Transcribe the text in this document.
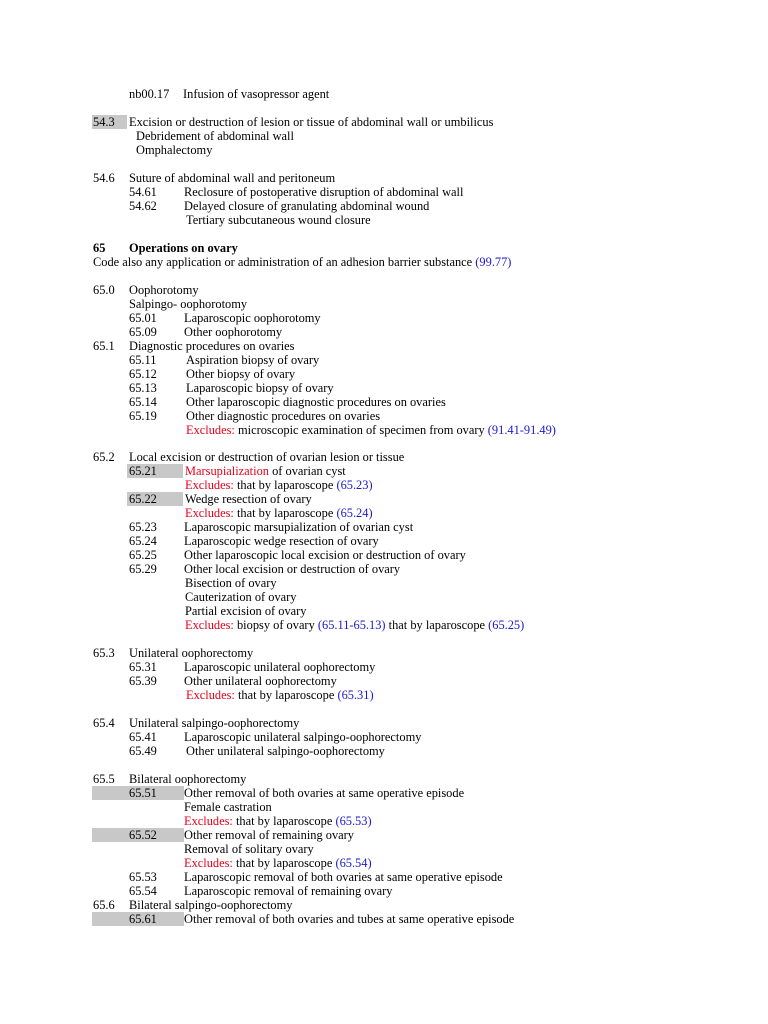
nb00.17 Infusion of vasopressor agent
54.3 Excision or destruction of lesion or tissue of abdominal wall or umbilicus
Debridement of abdominal wall
Omphalectomy
54.6 Suture of abdominal wall and peritoneum
54.61 Reclosure of postoperative disruption of abdominal wall
54.62 Delayed closure of granulating abdominal wound
Tertiary subcutaneous wound closure
65 Operations on ovary
Code also any application or administration of an adhesion barrier substance (99.77)
65.0 Oophorotomy
Salpingo- oophorotomy
65.01 Laparoscopic oophorotomy
65.09 Other oophorotomy
65.1 Diagnostic procedures on ovaries
65.11 Aspiration biopsy of ovary
65.12 Other biopsy of ovary
65.13 Laparoscopic biopsy of ovary
65.14 Other laparoscopic diagnostic procedures on ovaries
65.19 Other diagnostic procedures on ovaries
Excludes: microscopic examination of specimen from ovary (91.41-91.49)
65.2 Local excision or destruction of ovarian lesion or tissue
65.21 Marsupialization of ovarian cyst
Excludes: that by laparoscope (65.23)
65.22 Wedge resection of ovary
Excludes: that by laparoscope (65.24)
65.23 Laparoscopic marsupialization of ovarian cyst
65.24 Laparoscopic wedge resection of ovary
65.25 Other laparoscopic local excision or destruction of ovary
65.29 Other local excision or destruction of ovary
Bisection of ovary
Cauterization of ovary
Partial excision of ovary
Excludes: biopsy of ovary (65.11-65.13) that by laparoscope (65.25)
65.3 Unilateral oophorectomy
65.31 Laparoscopic unilateral oophorectomy
65.39 Other unilateral oophorectomy
Excludes: that by laparoscope (65.31)
65.4 Unilateral salpingo-oophorectomy
65.41 Laparoscopic unilateral salpingo-oophorectomy
65.49 Other unilateral salpingo-oophorectomy
65.5 Bilateral oophorectomy
65.51 Other removal of both ovaries at same operative episode
Female castration
Excludes: that by laparoscope (65.53)
65.52 Other removal of remaining ovary
Removal of solitary ovary
Excludes: that by laparoscope (65.54)
65.53 Laparoscopic removal of both ovaries at same operative episode
65.54 Laparoscopic removal of remaining ovary
65.6 Bilateral salpingo-oophorectomy
65.61 Other removal of both ovaries and tubes at same operative episode
